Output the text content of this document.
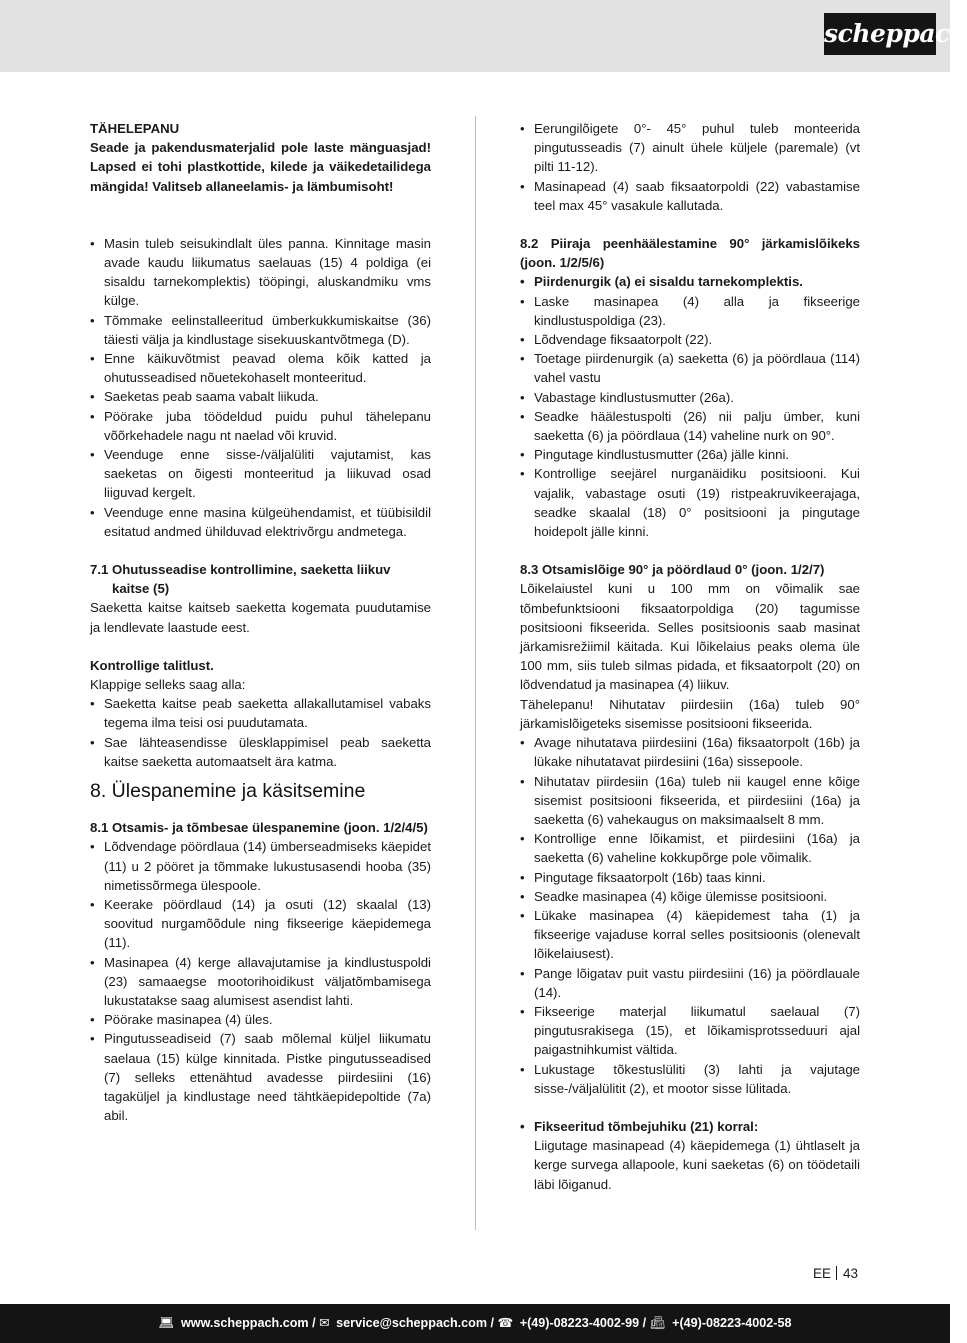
scheppach

TÄHELEPANU

Seade ja pakendusmaterjalid pole laste mänguasjad! Lapsed ei tohi plastkottide, kilede ja väikedetailidega mängida! Valitseb allaneelamis- ja lämbumisoht!

• Masin tuleb seisukindlalt üles panna. Kinnitage masin avade kaudu liikumatus saelauas (15) 4 poldiga (ei sisaldu tarnekomplektis) tööpingi, aluskandmiku vms külge.
• Tõmmake eelinstalleeritud ümberkukkumiskaitse (36) täiesti välja ja kindlustage sisekuuskantvõtmega (D).
• Enne käikuvõtmist peavad olema kõik katted ja ohutusseadised nõuetekohaselt monteeritud.
• Saeketas peab saama vabalt liikuda.
• Pöörake juba töödeldud puidu puhul tähelepanu võõrkehadele nagu nt naelad või kruvid.
• Veenduge enne sisse-/väljalüliti vajutamist, kas saeketas on õigesti monteeritud ja liikuvad osad liiguvad kergelt.
• Veenduge enne masina külgeühendamist, et tüübisildil esitatud andmed ühilduvad elektrivõrgu andmetega.

7.1 Ohutusseadise kontrollimine, saeketta liikuv kaitse (5)

Saeketta kaitse kaitseb saeketta kogemata puudutamise ja lendlevate laastude eest.

Kontrollige talitlust.

Klappige selleks saag alla:

• Saeketta kaitse peab saeketta allakallutamisel vabaks tegema ilma teisi osi puudutamata.
• Sae lähteasendisse ülesklappimisel peab saeketta kaitse saeketta automaatselt ära katma.
8. Ülespanemine ja käsitsemine

8.1 Otsamis- ja tõmbesae ülespanemine (joon. 1/2/4/5)

• Lõdvendage pöördlaua (14) ümberseadmiseks käepidet (11) u 2 pööret ja tõmmake lukustusasendi hooba (35) nimetissõrmega ülespoole.
• Keerake pöördlaud (14) ja osuti (12) skaalal (13) soovitud nurgamõõdule ning fikseerige käepidemega (11).
• Masinapea (4) kerge allavajutamise ja kindlustuspoldi (23) samaaegse mootorihoidikust väljatõmbamisega lukustatakse saag alumisest asendist lahti.
• Pöörake masinapea (4) üles.
• Pingutusseadiseid (7) saab mõlemal küljel liikumatu saelaua (15) külge kinnitada. Pistke pingutusseadised (7) selleks ettenähtud avadesse piirdesiini (16) tagaküljel ja kindlustage need tähtkäepidepoltide (7a) abil.
• Eerungilõigete 0°- 45° puhul tuleb monteerida pingutusseadis (7) ainult ühele küljele (paremale) (vt pilti 11-12).
• Masinapead (4) saab fiksaatorpoldi (22) vabastamise teel max 45° vasakule kallutada.

8.2 Piiraja peenhäälestamine 90° järkamislõikeks (joon. 1/2/5/6)

• Piirdenurgik (a) ei sisaldu tarnekomplektis.
• Laske masinapea (4) alla ja fikseerige kindlustuspoldiga (23).
• Lõdvendage fiksaatorpolt (22).
• Toetage piirdenurgik (a) saeketta (6) ja pöördlaua (114) vahel vastu
• Vabastage kindlustusmutter (26a).
• Seadke häälestuspolti (26) nii palju ümber, kuni saeketta (6) ja pöördlaua (14) vaheline nurk on 90°.
• Pingutage kindlustusmutter (26a) jälle kinni.
• Kontrollige seejärel nurganäidiku positsiooni. Kui vajalik, vabastage osuti (19) ristpeakruvikeerajaga, seadke skaalal (18) 0° positsiooni ja pingutage hoidepolt jälle kinni.

8.3 Otsamislõige 90° ja pöördlaud 0° (joon. 1/2/7)

Lõikelaiustel kuni u 100 mm on võimalik sae tõmbefunktsiooni fiksaatorpoldiga (20) tagumisse positsiooni fikseerida. Selles positsioonis saab masinat järkamisrežiimil käitada. Kui lõikelaius peaks olema üle 100 mm, siis tuleb silmas pidada, et fiksaatorpolt (20) on lõdvendatud ja masinapea (4) liikuv.

Tähelepanu! Nihutatav piirdesiin (16a) tuleb 90° järkamislõigeteks sisemisse positsiooni fikseerida.

• Avage nihutatava piirdesiini (16a) fiksaatorpolt (16b) ja lükake nihutatavat piirdesiini (16a) sissepoole.
• Nihutatav piirdesiin (16a) tuleb nii kaugel enne kõige sisemist positsiooni fikseerida, et piirdesiini (16a) ja saeketta (6) vahekaugus on maksimaalselt 8 mm.
• Kontrollige enne lõikamist, et piirdesiini (16a) ja saeketta (6) vaheline kokkupõrge pole võimalik.
• Pingutage fiksaatorpolt (16b) taas kinni.
• Seadke masinapea (4) kõige ülemisse positsiooni.
• Lükake masinapea (4) käepidemest taha (1) ja fikseerige vajaduse korral selles positsioonis (olenevalt lõikelaiusest).
• Pange lõigatav puit vastu piirdesiini (16) ja pöördlauale (14).
• Fikseerige materjal liikumatul saelaual (7) pingutusrakisega (15), et lõikamisprotsseduuri ajal paigastnihkumist vältida.
• Lukustage tõkestuslüliti (3) lahti ja vajutage sisse-/väljalülitit (2), et mootor sisse lülitada.
• Fikseeritud tõmbejuhiku (21) korral:

Liigutage masinapead (4) käepidemega (1) ühtlaselt ja kerge survega allapoole, kuni saeketas (6) on töödetaili läbi lõiganud.

EE 43
💻︎ www.scheppach.com / ✉︎ service@scheppach.com / ☎︎ +(49)-08223-4002-99 / 📠︎ +(49)-08223-4002-58
